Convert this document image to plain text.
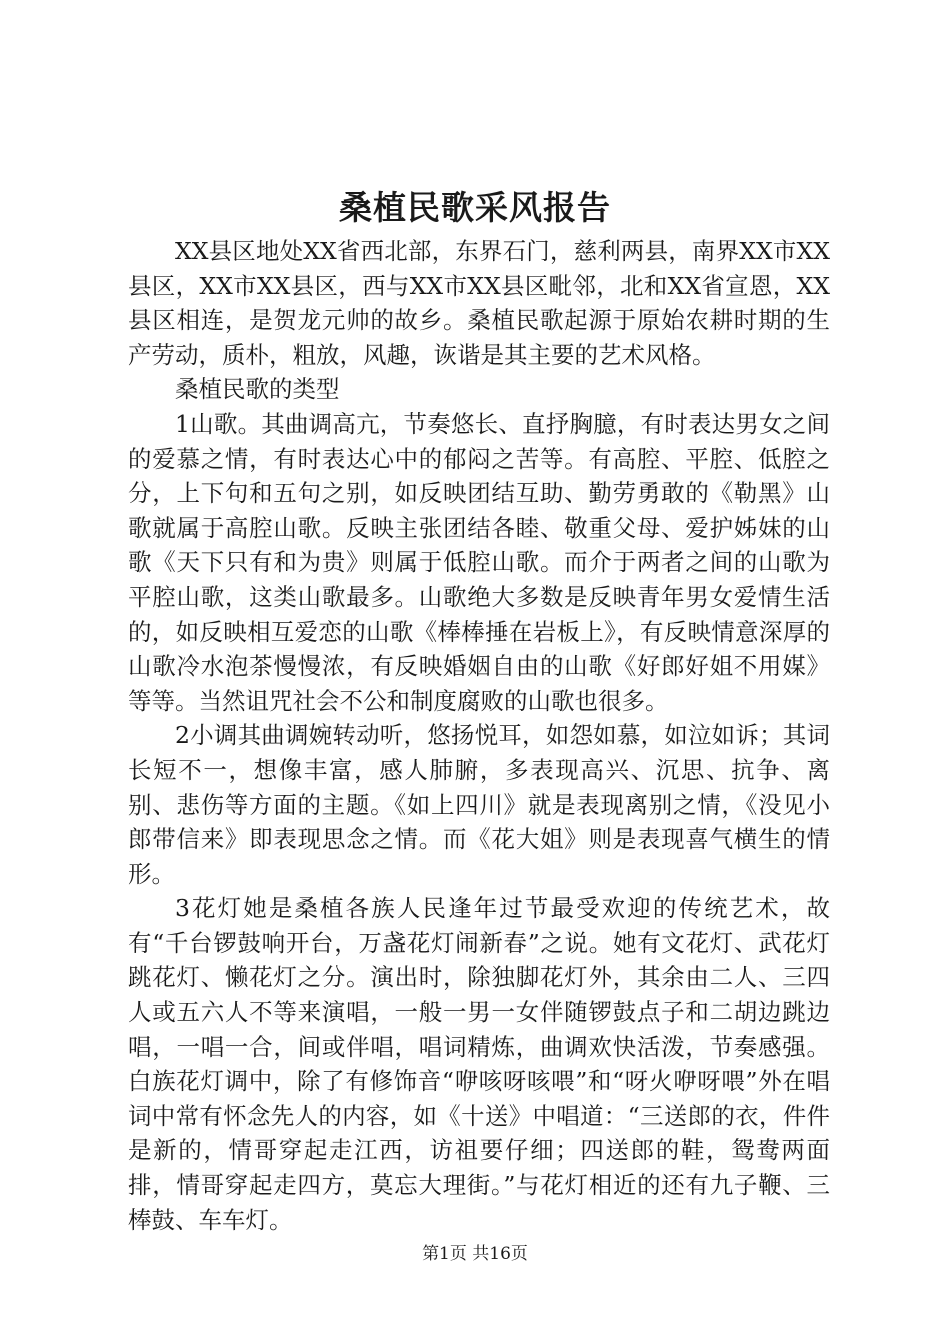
桑植民歌采风报告

XX县区地处XX省西北部，东界石门，慈利两县，南界XX市XX县区，XX市XX县区，西与XX市XX县区毗邻，北和XX省宣恩，XX县区相连，是贺龙元帅的故乡。桑植民歌起源于原始农耕时期的生产劳动，质朴，粗放，风趣，诙谐是其主要的艺术风格。

桑植民歌的类型

1山歌。其曲调高亢，节奏悠长、直抒胸臆，有时表达男女之间的爱慕之情，有时表达心中的郁闷之苦等。有高腔、平腔、低腔之分，上下句和五句之别，如反映团结互助、勤劳勇敢的《勒黑》山歌就属于高腔山歌。反映主张团结各睦、敬重父母、爱护姊妹的山歌《天下只有和为贵》则属于低腔山歌。而介于两者之间的山歌为平腔山歌，这类山歌最多。山歌绝大多数是反映青年男女爱情生活的，如反映相互爱恋的山歌《棒棒捶在岩板上》，有反映情意深厚的山歌冷水泡茶慢慢浓，有反映婚姻自由的山歌《好郎好姐不用媒》等等。当然诅咒社会不公和制度腐败的山歌也很多。

2小调其曲调婉转动听，悠扬悦耳，如怨如慕，如泣如诉；其词长短不一，想像丰富，感人肺腑，多表现高兴、沉思、抗争、离别、悲伤等方面的主题。《如上四川》就是表现离别之情，《没见小郎带信来》即表现思念之情。而《花大姐》则是表现喜气横生的情形。

3花灯她是桑植各族人民逢年过节最受欢迎的传统艺术，故有“千台锣鼓响开台，万盏花灯闹新春”之说。她有文花灯、武花灯跳花灯、懒花灯之分。演出时，除独脚花灯外，其余由二人、三四人或五六人不等来演唱，一般一男一女伴随锣鼓点子和二胡边跳边唱，一唱一合，间或伴唱，唱词精炼，曲调欢快活泼，节奏感强。白族花灯调中，除了有修饰音“咿咳呀咳喂”和“呀火咿呀喂”外在唱词中常有怀念先人的内容，如《十送》中唱道：“三送郎的衣，件件是新的，情哥穿起走江西，访祖要仔细；四送郎的鞋，鸳鸯两面排，情哥穿起走四方，莫忘大理街。”与花灯相近的还有九子鞭、三棒鼓、车车灯。

第1页 共16页
